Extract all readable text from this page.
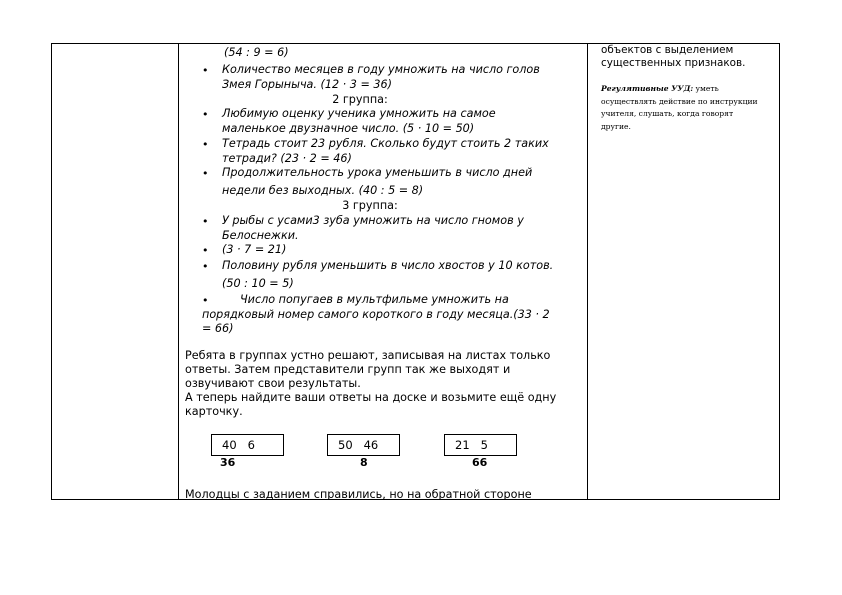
(54 : 9 = 6)
• Количество месяцев в году умножить на число голов
Змея Горыныча. (12 · 3 = 36)
2 группа:
• Любимую оценку ученика умножить на самое
маленькое двузначное число. (5 · 10 = 50)
• Тетрадь стоит 23 рубля. Сколько будут стоить 2 таких
тетради? (23 · 2 = 46)
• Продолжительность урока уменьшить в число дней
недели без выходных. (40 : 5 = 8)
3 группа:
• У рыбы с усами3 зуба умножить на число гномов у
Белоснежки.
• (3 · 7 = 21)
• Половину рубля уменьшить в число хвостов у 10 котов.
(50 : 10 = 5)
•	Число попугаев в мультфильме умножить на
порядковый номер самого короткого в году месяца.(33 · 2
= 66)
Ребята в группах устно решают, записывая на листах только
ответы. Затем представители групп так же выходят и
озвучивают свои результаты.
А теперь найдите ваши ответы на доске и возьмите ещё одну
карточку.
40   6
36
50   46
8
21   5
66
Молодцы с заданием справились, но на обратной стороне
объектов с выделением
существенных признаков.
Регулятивные УУД: уметь
осуществлять действие по инструкции
учителя, слушать, когда говорят
другие.
